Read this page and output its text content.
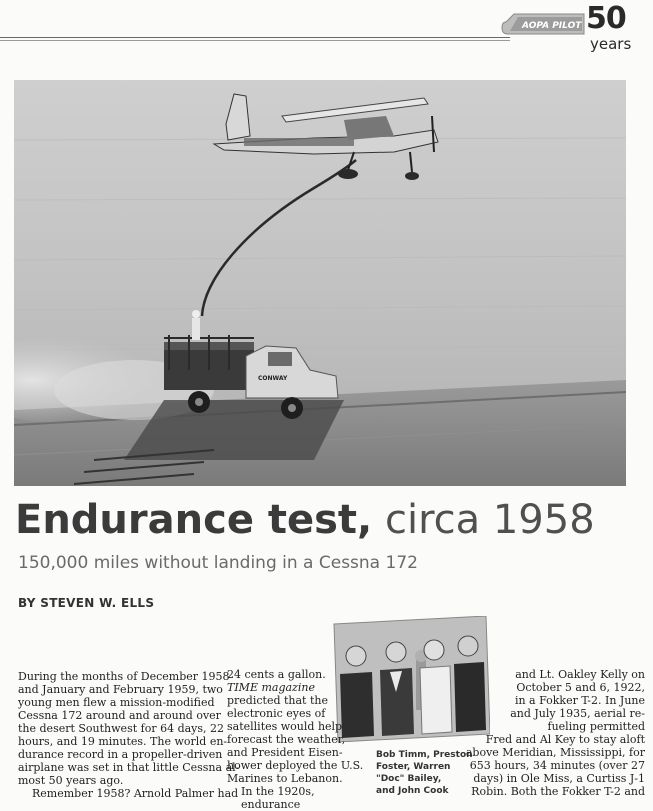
AOPA PILOT 50
years
CONWAY
Endurance test, circa 1958
150,000 miles without landing in a Cessna 172
BY STEVEN W. ELLS
Bob Timm, Preston
Foster, Warren
"Doc" Bailey,
and John Cook
During the months of December 1958
and January and February 1959, two
young men flew a mission-modified
Cessna 172 around and around over
the desert Southwest for 64 days, 22
hours, and 19 minutes. The world en-
durance record in a propeller-driven
airplane was set in that little Cessna al-
most 50 years ago.
Remember 1958? Arnold Palmer had
24 cents a gallon.
TIME magazine
predicted that the
electronic eyes of
satellites would help
forecast the weather,
and President Eisen-
hower deployed the U.S.
Marines to Lebanon.
In the 1920s, endurance
and Lt. Oakley Kelly on
October 5 and 6, 1922,
in a Fokker T-2. In June
and July 1935, aerial re-
fueling permitted
Fred and Al Key to stay aloft
above Meridian, Mississippi, for
653 hours, 34 minutes (over 27
days) in Ole Miss, a Curtiss J-1
Robin. Both the Fokker T-2 and
